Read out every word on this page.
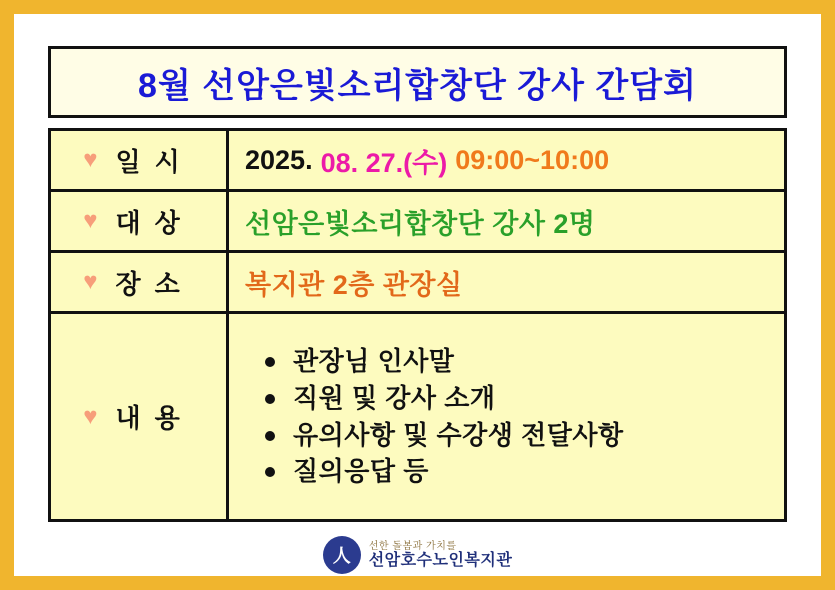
8월 선암은빛소리합창단 강사 간담회
♥ 일시 2025. 08. 27.(수) 09:00~10:00
♥ 대상 선암은빛소리합창단 강사 2명
♥ 장소 복지관 2층 관장실
♥ 내용
관장님 인사말
직원 및 강사 소개
유의사항 및 수강생 전달사항
질의응답 등
人	선한 돌봄과 가치를
선암호수노인복지관
